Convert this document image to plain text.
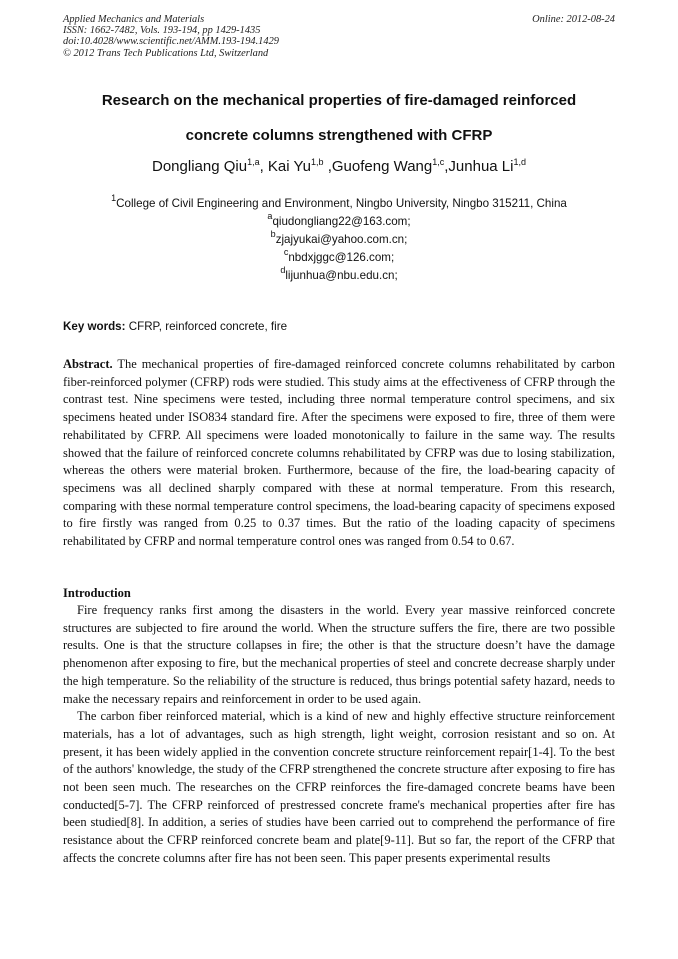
Applied Mechanics and Materials
ISSN: 1662-7482, Vols. 193-194, pp 1429-1435
doi:10.4028/www.scientific.net/AMM.193-194.1429
© 2012 Trans Tech Publications Ltd, Switzerland
Online: 2012-08-24
Research on the mechanical properties of fire-damaged reinforced
concrete columns strengthened with CFRP
Dongliang Qiu$^{1,a}$, Kai Yu$^{1,b}$ ,Guofeng Wang$^{1,c}$,Junhua Li$^{1,d}$
$^1$College of Civil Engineering and Environment, Ningbo University, Ningbo 315211, China
$^a$qiudongliang22@163.com;
$^b$zjajyukai@yahoo.com.cn;
$^c$nbdxjggc@126.com;
$^d$lijunhua@nbu.edu.cn;
Key words: CFRP, reinforced concrete, fire

Abstract. The mechanical properties of fire-damaged reinforced concrete columns rehabilitated by carbon fiber-reinforced polymer (CFRP) rods were studied. This study aims at the effectiveness of CFRP through the contrast test. Nine specimens were tested, including three normal temperature control specimens, and six specimens heated under ISO834 standard fire. After the specimens were exposed to fire, three of them were rehabilitated by CFRP. All specimens were loaded monotonically to failure in the same way. The results showed that the failure of reinforced concrete columns rehabilitated by CFRP was due to losing stabilization, whereas the others were material broken. Furthermore, because of the fire, the load-bearing capacity of specimens was all declined sharply compared with these at normal temperature. From this research, comparing with these normal temperature control specimens, the load-bearing capacity of specimens exposed to fire firstly was ranged from 0.25 to 0.37 times. But the ratio of the loading capacity of specimens rehabilitated by CFRP and normal temperature control ones was ranged from 0.54 to 0.67.

Introduction

Fire frequency ranks first among the disasters in the world. Every year massive reinforced concrete structures are subjected to fire around the world. When the structure suffers the fire, there are two possible results. One is that the structure collapses in fire; the other is that the structure doesn’t have the damage phenomenon after exposing to fire, but the mechanical properties of steel and concrete decrease sharply under the high temperature. So the reliability of the structure is reduced, thus brings potential safety hazard, needs to make the necessary repairs and reinforcement in order to be used again.

The carbon fiber reinforced material, which is a kind of new and highly effective structure reinforcement materials, has a lot of advantages, such as high strength, light weight, corrosion resistant and so on. At present, it has been widely applied in the convention concrete structure reinforcement repair[1-4]. To the best of the authors' knowledge, the study of the CFRP strengthened the concrete structure after exposing to fire has not been seen much. The researches on the CFRP reinforces the fire-damaged concrete beams have been conducted[5-7]. The CFRP reinforced of prestressed concrete frame's mechanical properties after fire has been studied[8]. In addition, a series of studies have been carried out to comprehend the performance of fire resistance about the CFRP reinforced concrete beam and plate[9-11]. But so far, the report of the CFRP that affects the concrete columns after fire has not been seen. This paper presents experimental results
